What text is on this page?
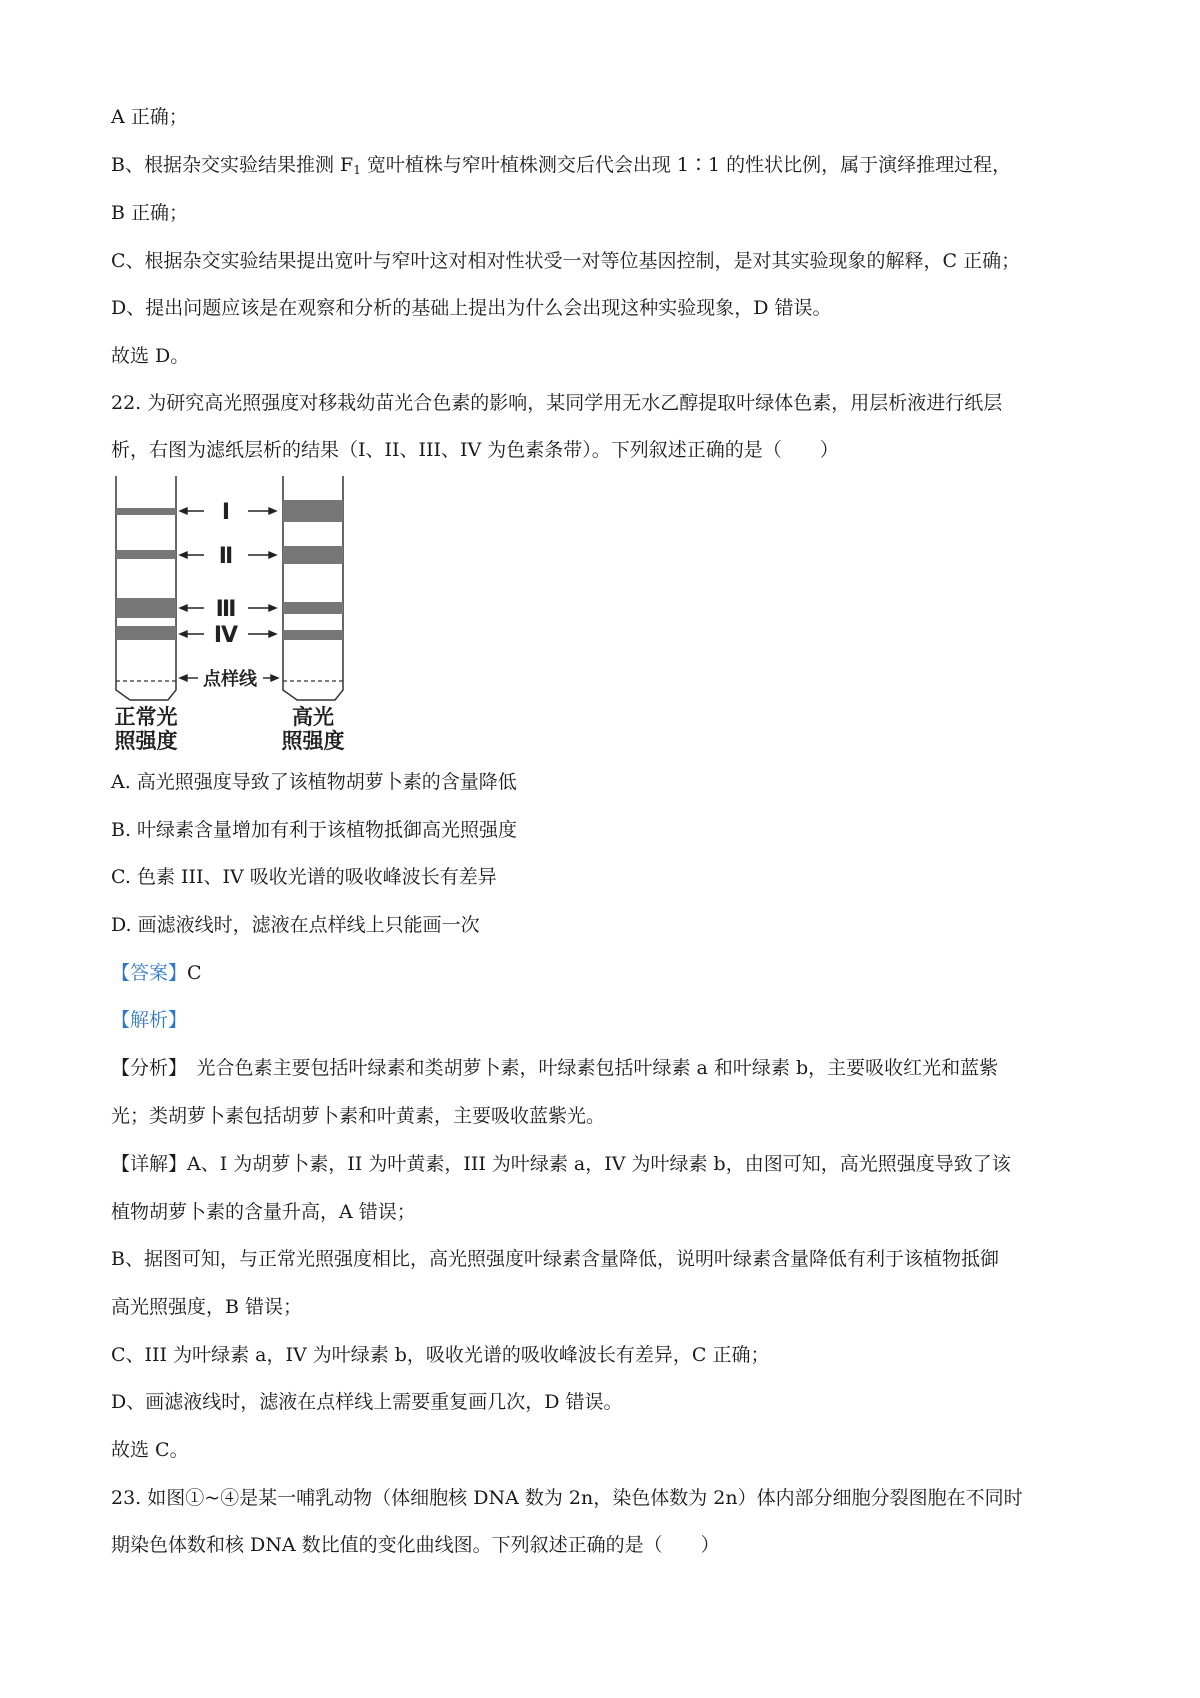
A 正确；
B、根据杂交实验结果推测 $F_1$ 宽叶植株与窄叶植株测交后代会出现 1∶1 的性状比例，属于演绎推理过程，
B 正确；
C、根据杂交实验结果提出宽叶与窄叶这对相对性状受一对等位基因控制，是对其实验现象的解释，C 正确；
D、提出问题应该是在观察和分析的基础上提出为什么会出现这种实验现象，D 错误。
故选 D。
22. 为研究高光照强度对移栽幼苗光合色素的影响，某同学用无水乙醇提取叶绿体色素，用层析液进行纸层
析，右图为滤纸层析的结果（I、II、III、IV 为色素条带）。下列叙述正确的是（　　）
Ⅰ
Ⅱ
Ⅲ
Ⅳ
点样线
正常光
照强度
高光
照强度
A. 高光照强度导致了该植物胡萝卜素的含量降低
B. 叶绿素含量增加有利于该植物抵御高光照强度
C. 色素 III、IV 吸收光谱的吸收峰波长有差异
D. 画滤液线时，滤液在点样线上只能画一次
【答案】C
【解析】
【分析】　光合色素主要包括叶绿素和类胡萝卜素，叶绿素包括叶绿素 a 和叶绿素 b，主要吸收红光和蓝紫
光；类胡萝卜素包括胡萝卜素和叶黄素，主要吸收蓝紫光。
【详解】A、I 为胡萝卜素，II 为叶黄素，III 为叶绿素 a，IV 为叶绿素 b，由图可知，高光照强度导致了该
植物胡萝卜素的含量升高，A 错误；
B、据图可知，与正常光照强度相比，高光照强度叶绿素含量降低，说明叶绿素含量降低有利于该植物抵御
高光照强度，B 错误；
C、III 为叶绿素 a，IV 为叶绿素 b，吸收光谱的吸收峰波长有差异，C 正确；
D、画滤液线时，滤液在点样线上需要重复画几次，D 错误。
故选 C。
23. 如图①~④是某一哺乳动物（体细胞核 DNA 数为 2n，染色体数为 2n）体内部分细胞分裂图胞在不同时
期染色体数和核 DNA 数比值的变化曲线图。下列叙述正确的是（　　）
